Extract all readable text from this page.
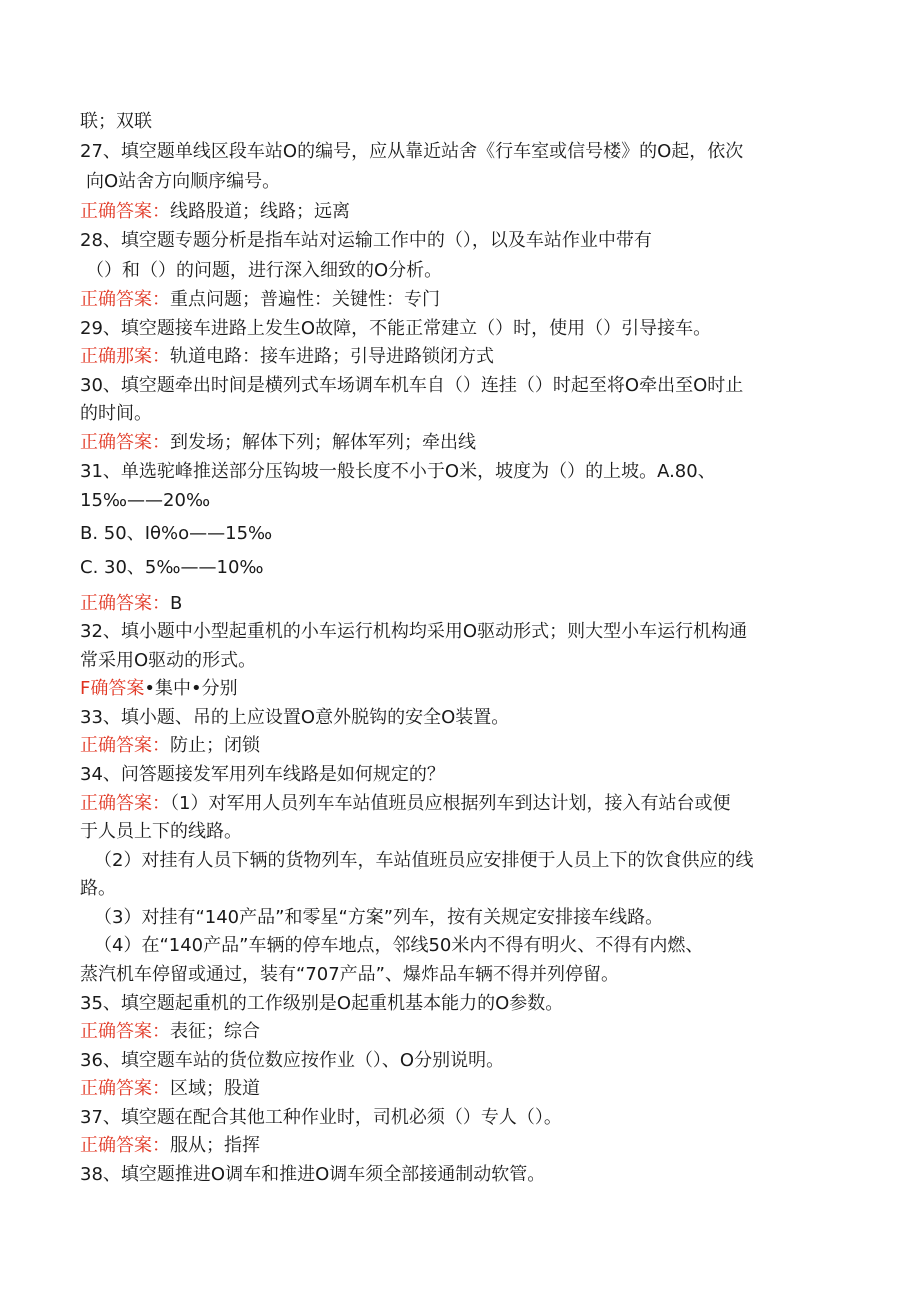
联；双联

27、填空题单线区段车站O的编号，应从靠近站舍《行车室或信号楼》的O起，依次

向O站舍方向顺序编号。

正确答案：线路股道；线路；远离

28、填空题专题分析是指车站对运输工作中的（），以及车站作业中带有

（）和（）的问题，进行深入细致的O分析。

正确答案：重点问题；普遍性：关键性：专门

29、填空题接车进路上发生O故障，不能正常建立（）时，使用（）引导接车。

正确那案：轨道电路：接车进路；引导进路锁闭方式

30、填空题牵出时间是横列式车场调车机车自（）连挂（）时起至将O牵出至O时止

的时间。

正确答案：到发场；解体下列；解体军列；牵出线

31、单选驼峰推送部分压钩坡一般长度不小于O米，坡度为（）的上坡。A.80、

15‰——20‰

B. 50、Iθ%o——15‰

C. 30、5‰——10‰

正确答案：B

32、填小题中小型起重机的小车运行机构均采用O驱动形式；则大型小车运行机构通

常采用O驱动的形式。

F确答案•集中•分别

33、填小题、吊的上应设置O意外脱钩的安全O装置。

正确答案：防止；闭锁

34、问答题接发军用列车线路是如何规定的？

正确答案：（1）对军用人员列车车站值班员应根据列车到达计划，接入有站台或便

于人员上下的线路。

（2）对挂有人员下辆的货物列车，车站值班员应安排便于人员上下的饮食供应的线

路。

（3）对挂有“140产品”和零星“方案”列车，按有关规定安排接车线路。

（4）在“140产品”车辆的停车地点，邻线50米内不得有明火、不得有内燃、

蒸汽机车停留或通过，装有“707产品”、爆炸品车辆不得并列停留。

35、填空题起重机的工作级别是O起重机基本能力的O参数。

正确答案：表征；综合

36、填空题车站的货位数应按作业（）、O分别说明。

正确答案：区域；股道

37、填空题在配合其他工种作业时，司机必须（）专人（）。

正确答案：服从；指挥

38、填空题推进O调车和推进O调车须全部接通制动软管。
